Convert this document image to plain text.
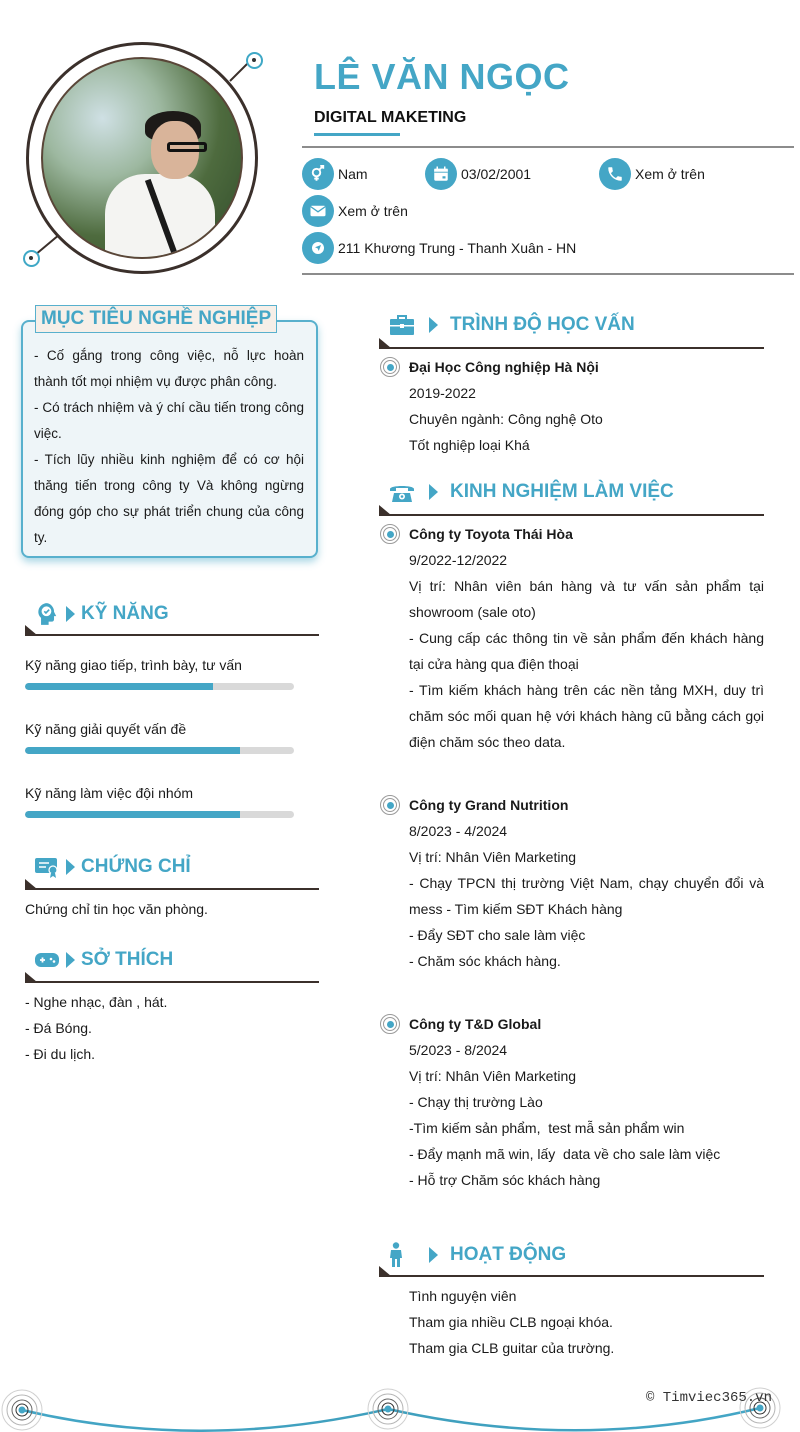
LÊ VĂN NGỌC
DIGITAL MAKETING
Nam	03/02/2001	Xem ở trên
Xem ở trên
211 Khương Trung - Thanh Xuân - HN
MỤC TIÊU NGHỀ NGHIỆP
- Cố gắng trong công việc, nỗ lực hoàn thành tốt mọi nhiệm vụ được phân công.
- Có trách nhiệm và ý chí cầu tiến trong công việc.
- Tích lũy nhiều kinh nghiệm để có cơ hội thăng tiến trong công ty Và không ngừng đóng góp cho sự phát triển chung của công ty.
KỸ NĂNG
Kỹ năng giao tiếp, trình bày, tư vấn
Kỹ năng giải quyết vấn đề
Kỹ năng làm việc đội nhóm
CHỨNG CHỈ
Chứng chỉ tin học văn phòng.
SỞ THÍCH
- Nghe nhạc, đàn , hát.
- Đá Bóng.
- Đi du lịch.
TRÌNH ĐỘ HỌC VẤN
Đại Học Công nghiệp Hà Nội
2019-2022
Chuyên ngành: Công nghệ Oto
Tốt nghiệp loại Khá
KINH NGHIỆM LÀM VIỆC
Công ty Toyota Thái Hòa
9/2022-12/2022
Vị trí: Nhân viên bán hàng và tư vấn sản phẩm tại showroom (sale oto)
- Cung cấp các thông tin về sản phẩm đến khách hàng tại cửa hàng qua điện thoại
- Tìm kiếm khách hàng trên các nền tảng MXH, duy trì chăm sóc mối quan hệ với khách hàng cũ bằng cách gọi điện chăm sóc theo data.
Công ty Grand Nutrition
8/2023 - 4/2024
Vị trí: Nhân Viên Marketing
- Chạy TPCN thị trường Việt Nam, chạy chuyển đổi và mess - Tìm kiếm SĐT Khách hàng
- Đẩy SĐT cho sale làm việc
- Chăm sóc khách hàng.
Công ty T&D Global
5/2023 - 8/2024
Vị trí: Nhân Viên Marketing
- Chạy thị trường Lào
-Tìm kiếm sản phẩm,  test mẫ sản phẩm win
- Đẩy mạnh mã win, lấy  data về cho sale làm việc
- Hỗ trợ Chăm sóc khách hàng
HOẠT ĐỘNG
Tình nguyện viên
Tham gia nhiều CLB ngoại khóa.
Tham gia CLB guitar của trường.
© Timviec365.vn
